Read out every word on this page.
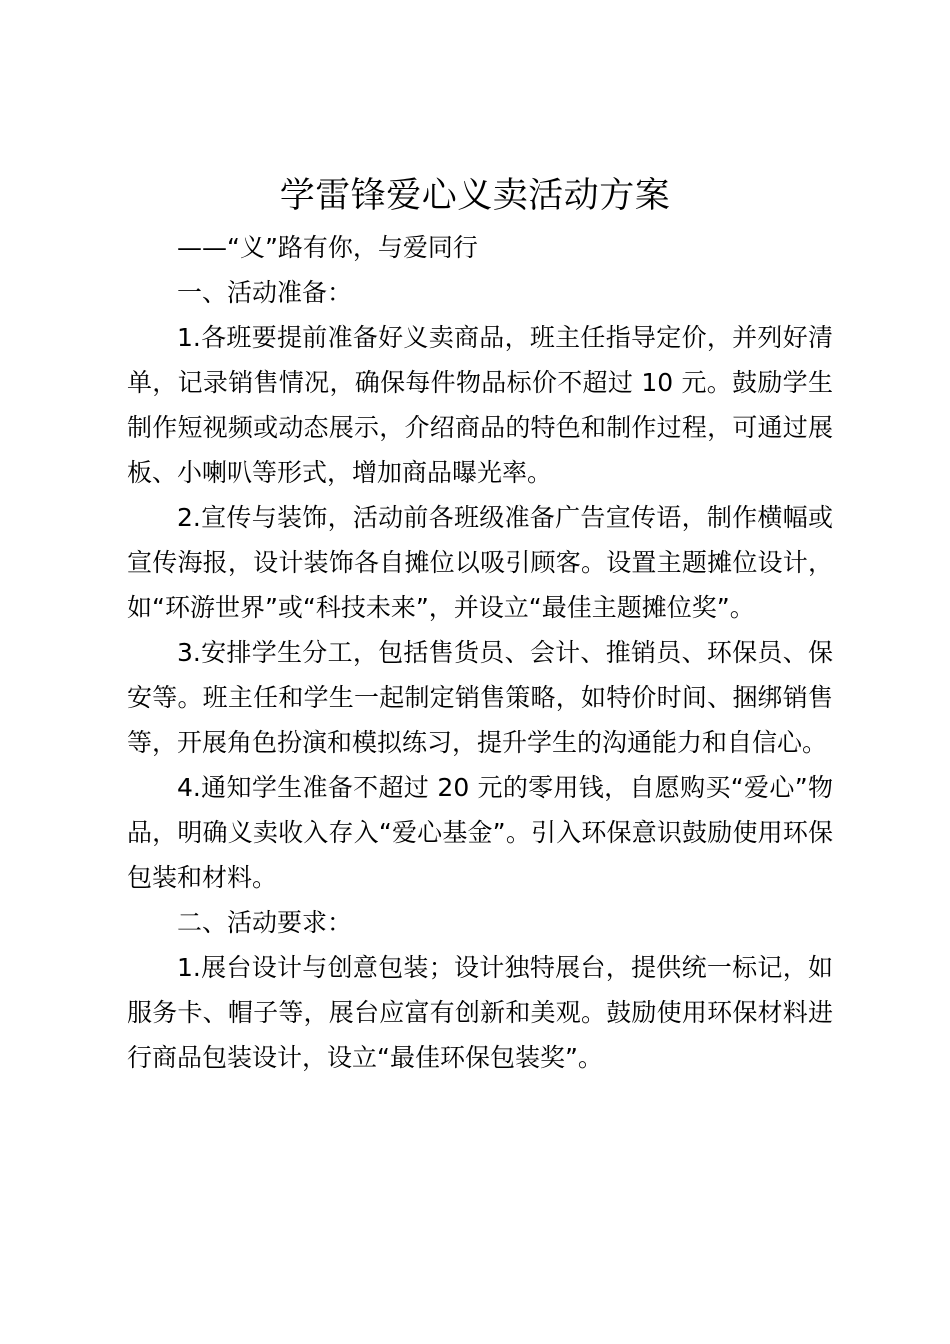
学雷锋爱心义卖活动方案

——“义”路有你，与爱同行

一、活动准备：

1.各班要提前准备好义卖商品，班主任指导定价，并列好清单，记录销售情况，确保每件物品标价不超过 10 元。鼓励学生制作短视频或动态展示，介绍商品的特色和制作过程，可通过展板、小喇叭等形式，增加商品曝光率。

2.宣传与装饰，活动前各班级准备广告宣传语，制作横幅或宣传海报，设计装饰各自摊位以吸引顾客。设置主题摊位设计，如“环游世界”或“科技未来”，并设立“最佳主题摊位奖”。

3.安排学生分工，包括售货员、会计、推销员、环保员、保安等。班主任和学生一起制定销售策略，如特价时间、捆绑销售等，开展角色扮演和模拟练习，提升学生的沟通能力和自信心。

4.通知学生准备不超过 20 元的零用钱，自愿购买“爱心”物品，明确义卖收入存入“爱心基金”。引入环保意识鼓励使用环保包装和材料。

二、活动要求：

1.展台设计与创意包装；设计独特展台，提供统一标记，如服务卡、帽子等，展台应富有创新和美观。鼓励使用环保材料进行商品包装设计，设立“最佳环保包装奖”。
